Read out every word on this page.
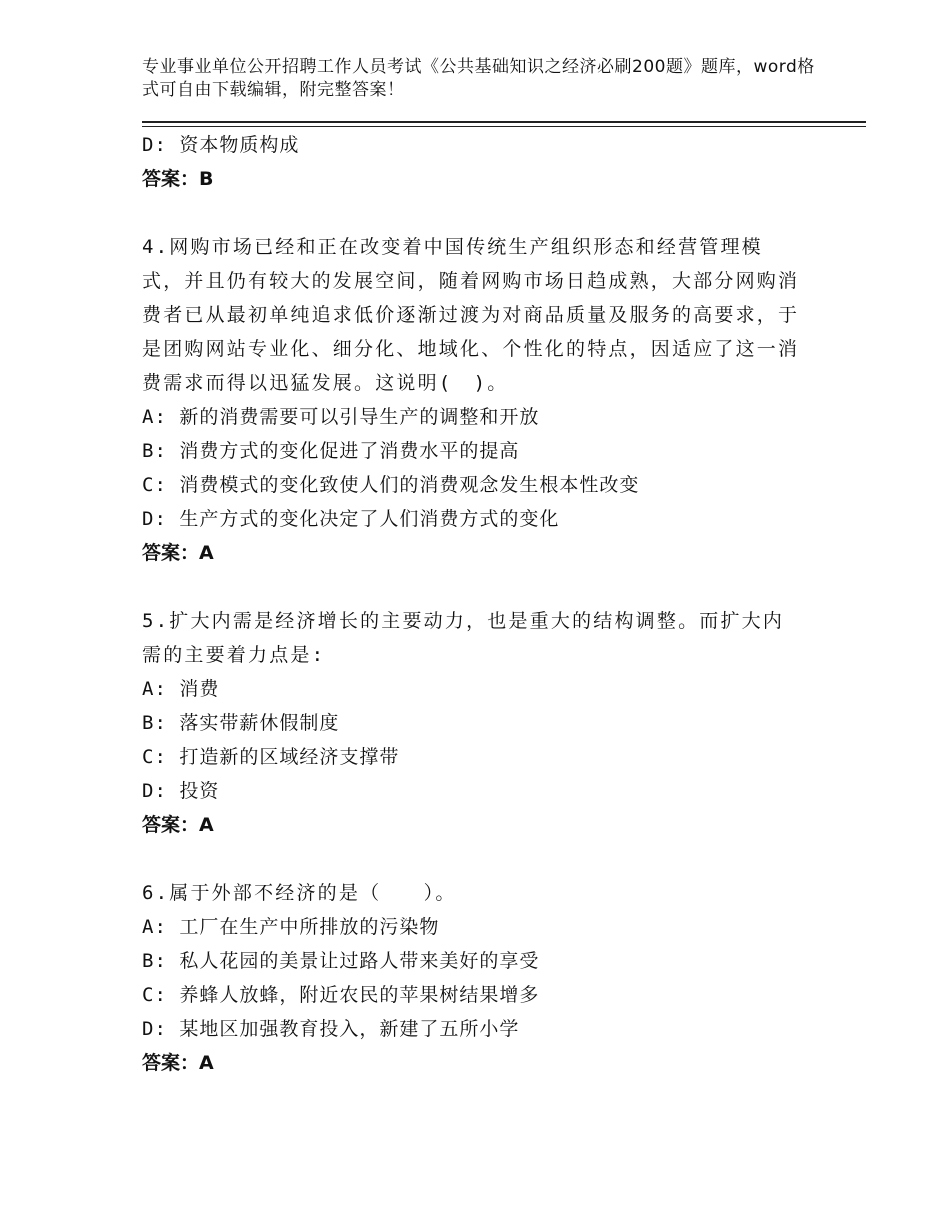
专业事业单位公开招聘工作人员考试《公共基础知识之经济必刷200题》题库，word格式可自由下载编辑，附完整答案！
D: 资本物质构成
答案：B
4.网购市场已经和正在改变着中国传统生产组织形态和经营管理模式，并且仍有较大的发展空间，随着网购市场日趋成熟，大部分网购消费者已从最初单纯追求低价逐渐过渡为对商品质量及服务的高要求，于是团购网站专业化、细分化、地域化、个性化的特点，因适应了这一消费需求而得以迅猛发展。这说明(　)。
A: 新的消费需要可以引导生产的调整和开放
B: 消费方式的变化促进了消费水平的提高
C: 消费模式的变化致使人们的消费观念发生根本性改变
D: 生产方式的变化决定了人们消费方式的变化
答案：A
5.扩大内需是经济增长的主要动力，也是重大的结构调整。而扩大内需的主要着力点是:
A: 消费
B: 落实带薪休假制度
C: 打造新的区域经济支撑带
D: 投资
答案：A
6.属于外部不经济的是（　　）。
A: 工厂在生产中所排放的污染物
B: 私人花园的美景让过路人带来美好的享受
C: 养蜂人放蜂，附近农民的苹果树结果增多
D: 某地区加强教育投入，新建了五所小学
答案：A
